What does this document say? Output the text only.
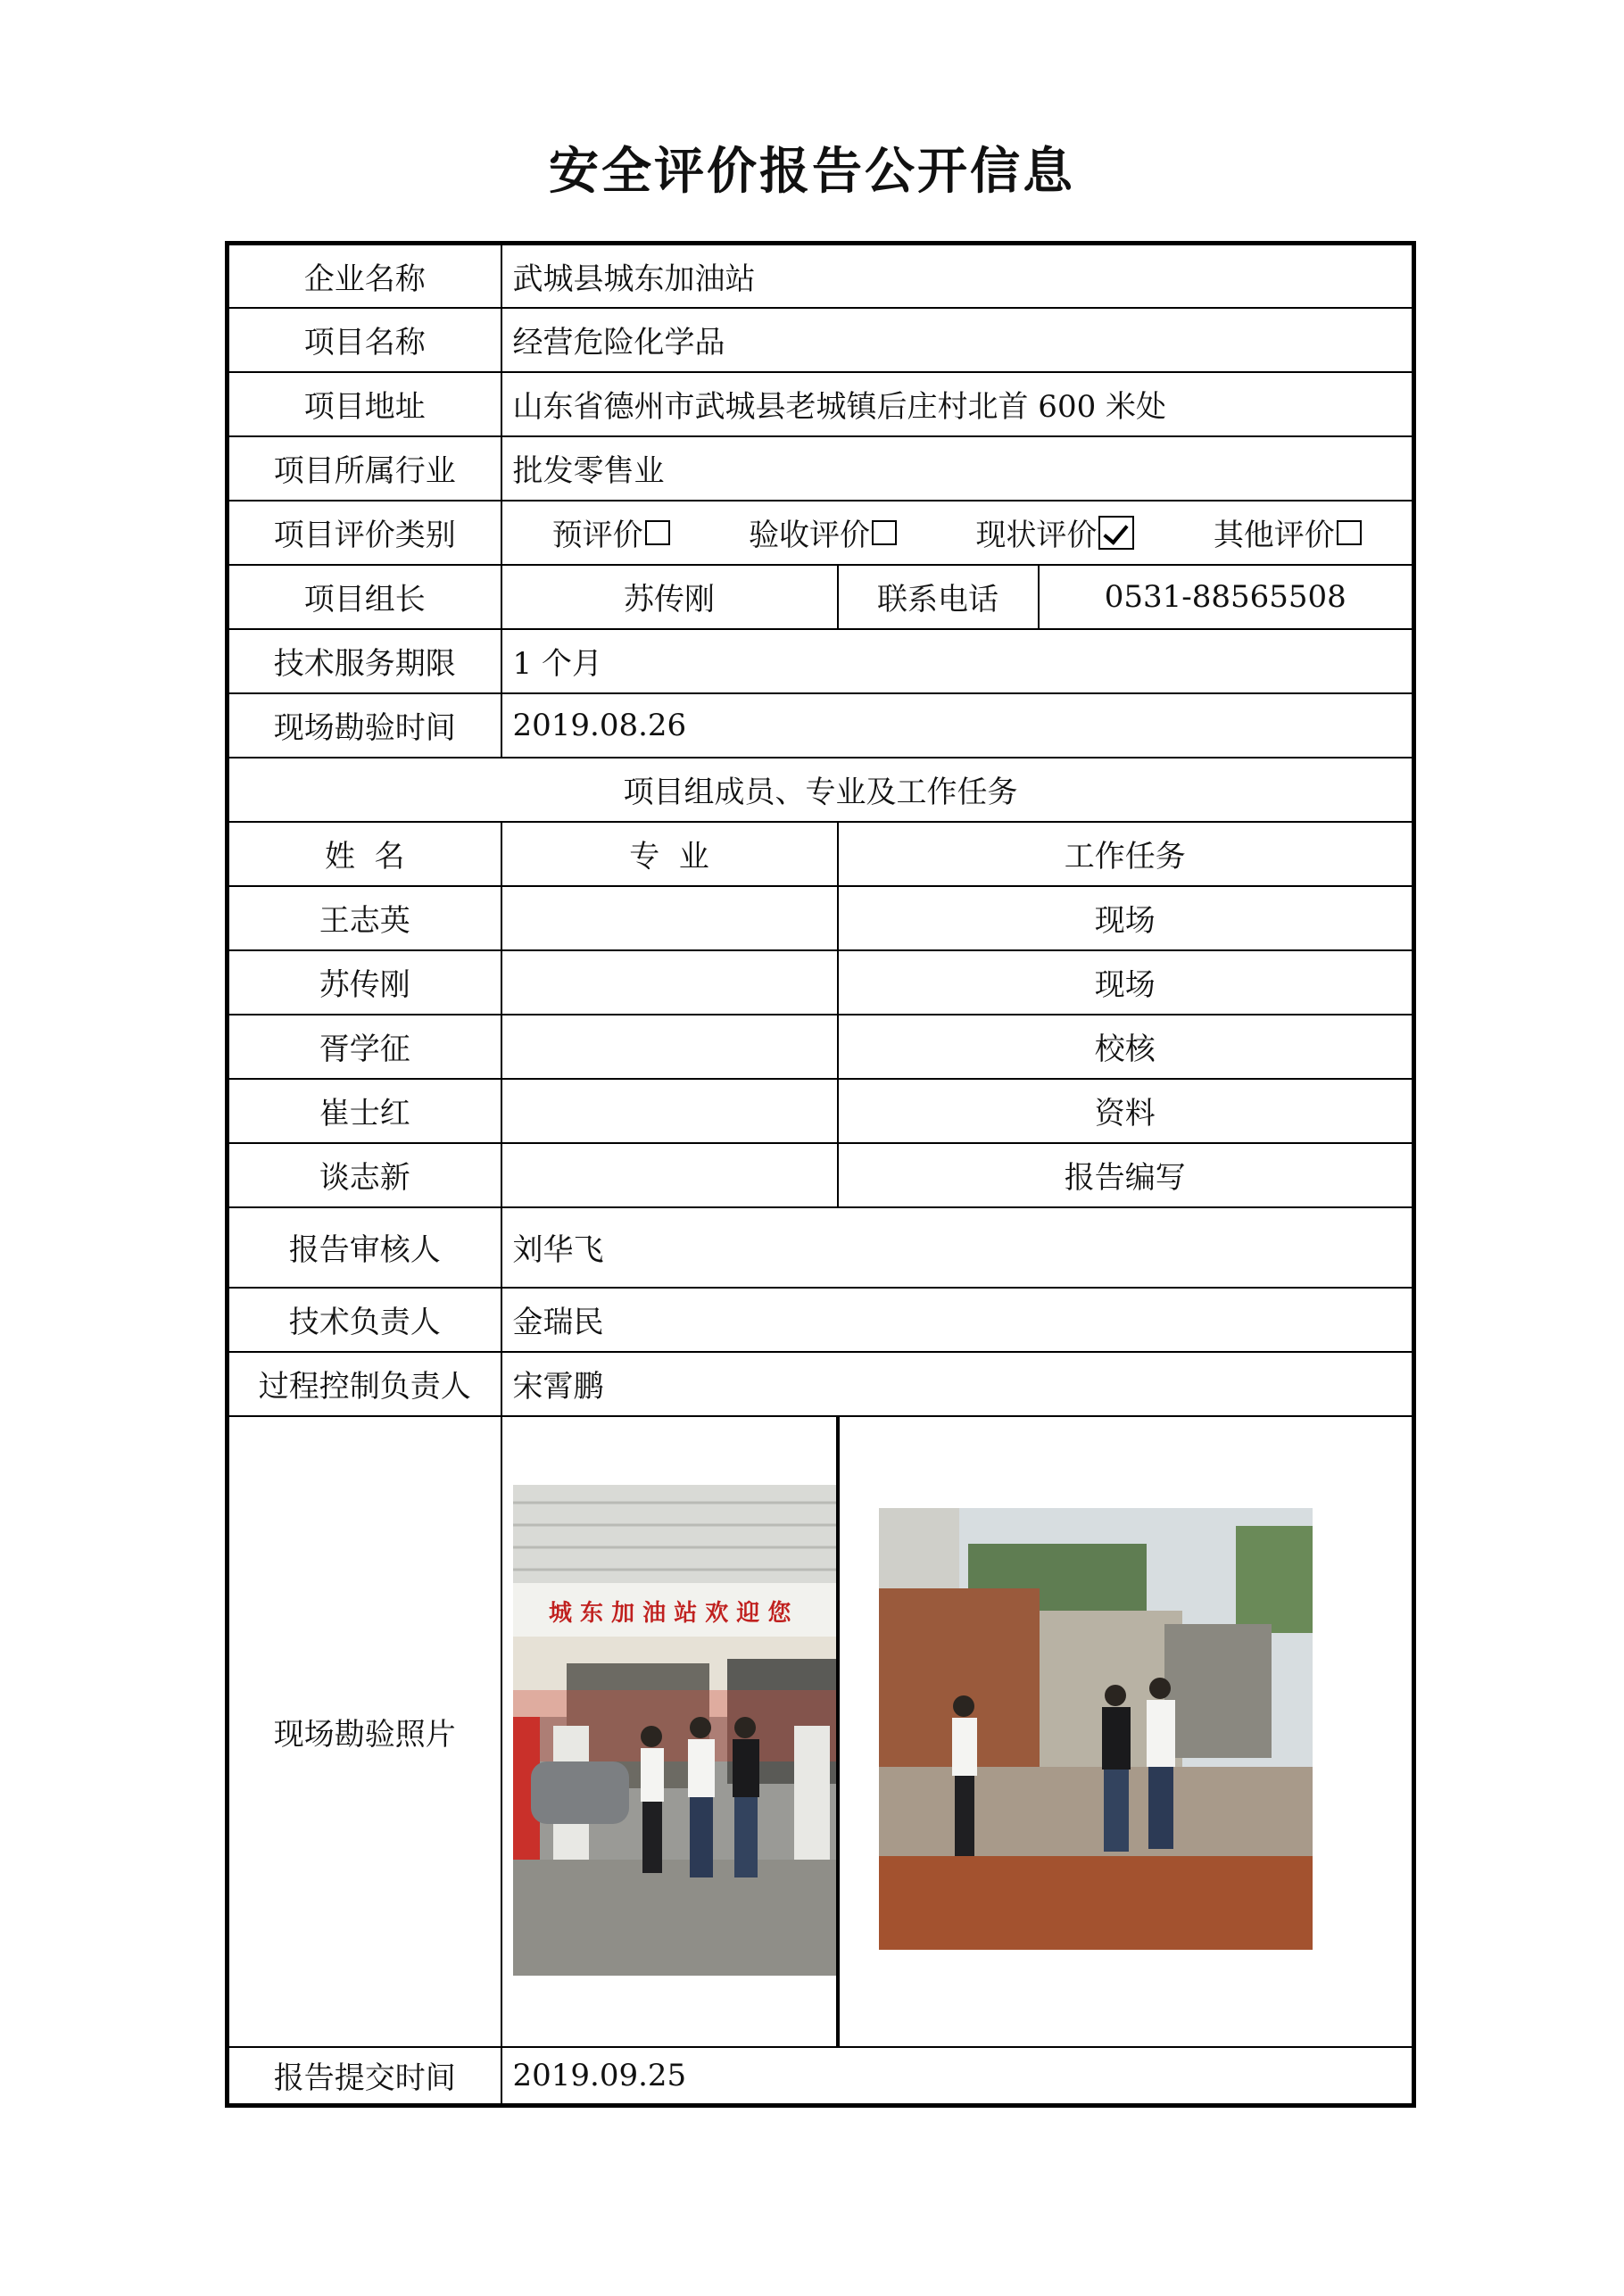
安全评价报告公开信息
企业名称	武城县城东加油站		
项目名称	经营危险化学品		
项目地址	山东省德州市武城县老城镇后庄村北首 600 米处		
项目所属行业	批发零售业		
项目评价类别	预评价 验收评价 现状评价 其他评价		

项目组长	苏传刚	联系电话	0531-88565508
技术服务期限	1 个月		
现场勘验时间	2019.08.26		
项目组成员、专业及工作任务			
姓  名	专  业	工作任务	
王志英		现场	
苏传刚		现场	
胥学征		校核	
崔士红		资料	
谈志新		报告编写	
报告审核人	刘华飞		
技术负责人	金瑞民		
过程控制负责人	宋霄鹏		
现场勘验照片	城 东 加 油 站 欢 迎 您

报告提交时间	2019.09.25		
